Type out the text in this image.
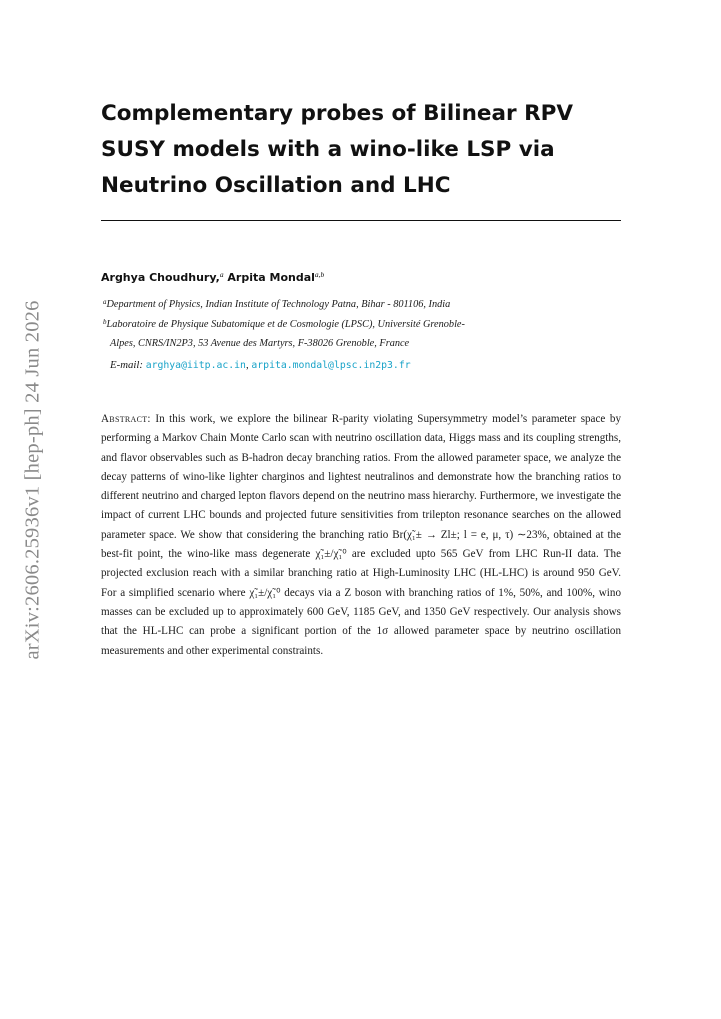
arXiv:2606.25936v1 [hep-ph] 24 Jun 2026
Complementary probes of Bilinear RPV
SUSY models with a wino-like LSP via
Neutrino Oscillation and LHC
Arghya Choudhury,$^a$ Arpita Mondal$^{a,b}$
$^a$Department of Physics, Indian Institute of Technology Patna, Bihar - 801106, India
$^b$Laboratoire de Physique Subatomique et de Cosmologie (LPSC), Université Grenoble-
Alpes, CNRS/IN2P3, 53 Avenue des Martyrs, F-38026 Grenoble, France
E-mail: arghya@iitp.ac.in, arpita.mondal@lpsc.in2p3.fr
Abstract: In this work, we explore the bilinear R-parity violating Supersymmetry model’s parameter space by performing a Markov Chain Monte Carlo scan with neutrino oscillation data, Higgs mass and its coupling strengths, and flavor observables such as B-hadron decay branching ratios. From the allowed parameter space, we analyze the decay patterns of wino-like lighter charginos and lightest neutralinos and demonstrate how the branching ratios to different neutrino and charged lepton flavors depend on the neutrino mass hierarchy. Furthermore, we investigate the impact of current LHC bounds and projected future sensitivities from trilepton resonance searches on the allowed parameter space. We show that considering the branching ratio Br(χ̃₁± → Zl±; l = e, μ, τ) ∼23%, obtained at the best-fit point, the wino-like mass degenerate χ̃₁±/χ̃₁⁰ are excluded upto 565 GeV from LHC Run-II data. The projected exclusion reach with a similar branching ratio at High-Luminosity LHC (HL-LHC) is around 950 GeV. For a simplified scenario where χ̃₁±/χ̃₁⁰ decays via a Z boson with branching ratios of 1%, 50%, and 100%, wino masses can be excluded up to approximately 600 GeV, 1185 GeV, and 1350 GeV respectively. Our analysis shows that the HL-LHC can probe a significant portion of the 1σ allowed parameter space by neutrino oscillation measurements and other experimental constraints.
